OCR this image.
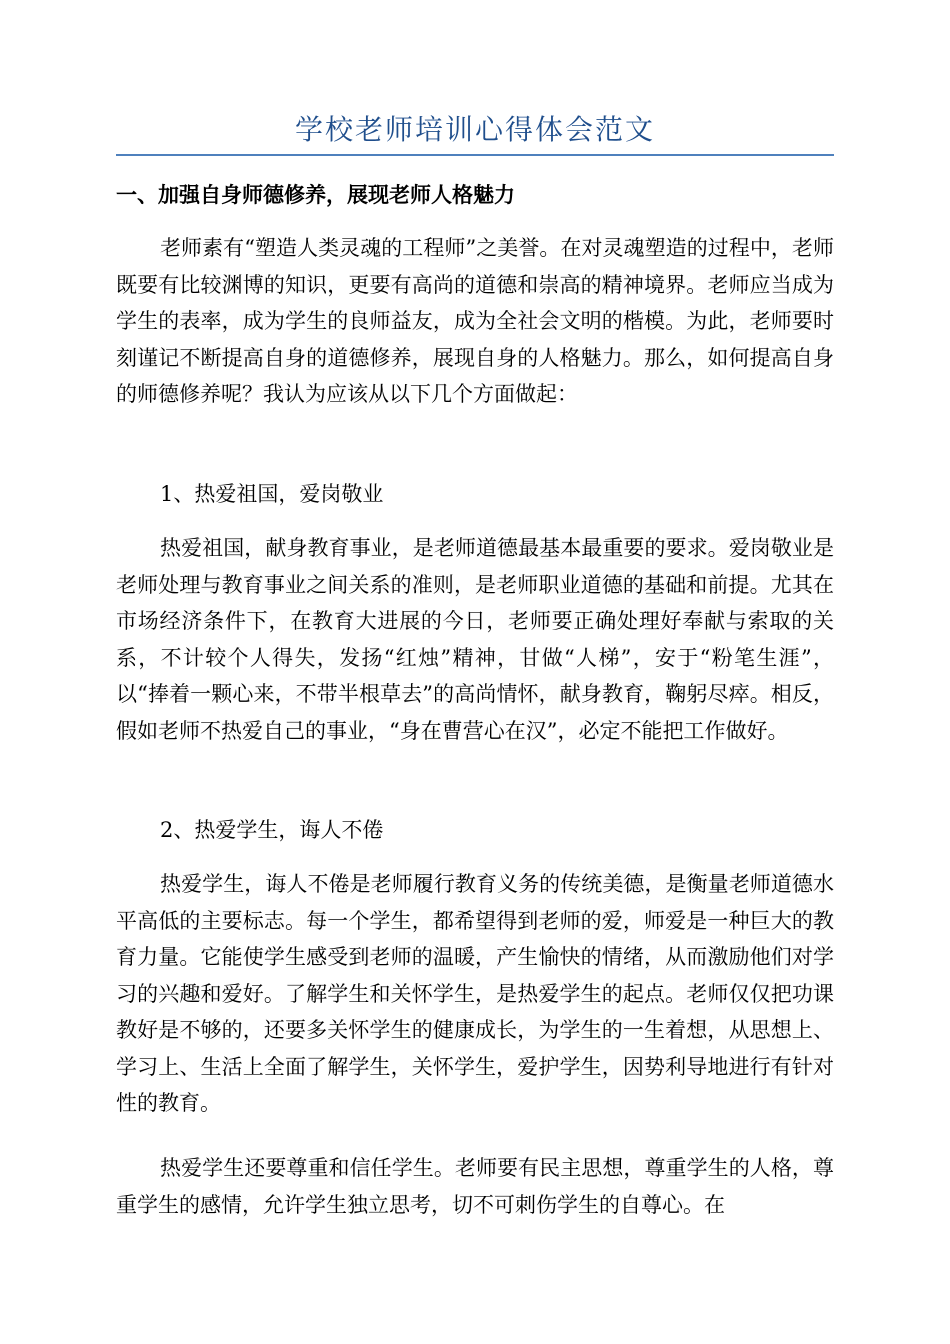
学校老师培训心得体会范文
一、加强自身师德修养，展现老师人格魅力

老师素有“塑造人类灵魂的工程师”之美誉。在对灵魂塑造的过程中，老师既要有比较渊博的知识，更要有高尚的道德和崇高的精神境界。老师应当成为学生的表率，成为学生的良师益友，成为全社会文明的楷模。为此，老师要时刻谨记不断提高自身的道德修养，展现自身的人格魅力。那么，如何提高自身的师德修养呢？我认为应该从以下几个方面做起：

1、热爱祖国，爱岗敬业

热爱祖国，献身教育事业，是老师道德最基本最重要的要求。爱岗敬业是老师处理与教育事业之间关系的准则，是老师职业道德的基础和前提。尤其在市场经济条件下，在教育大进展的今日，老师要正确处理好奉献与索取的关系，不计较个人得失，发扬“红烛”精神，甘做“人梯”，安于“粉笔生涯”，以“捧着一颗心来，不带半根草去”的高尚情怀，献身教育，鞠躬尽瘁。相反，假如老师不热爱自己的事业，“身在曹营心在汉”，必定不能把工作做好。

2、热爱学生，诲人不倦

热爱学生，诲人不倦是老师履行教育义务的传统美德，是衡量老师道德水平高低的主要标志。每一个学生，都希望得到老师的爱，师爱是一种巨大的教育力量。它能使学生感受到老师的温暖，产生愉快的情绪，从而激励他们对学习的兴趣和爱好。了解学生和关怀学生，是热爱学生的起点。老师仅仅把功课教好是不够的，还要多关怀学生的健康成长，为学生的一生着想，从思想上、学习上、生活上全面了解学生，关怀学生，爱护学生，因势利导地进行有针对性的教育。

热爱学生还要尊重和信任学生。老师要有民主思想，尊重学生的人格，尊重学生的感情，允许学生独立思考，切不可刺伤学生的自尊心。在
